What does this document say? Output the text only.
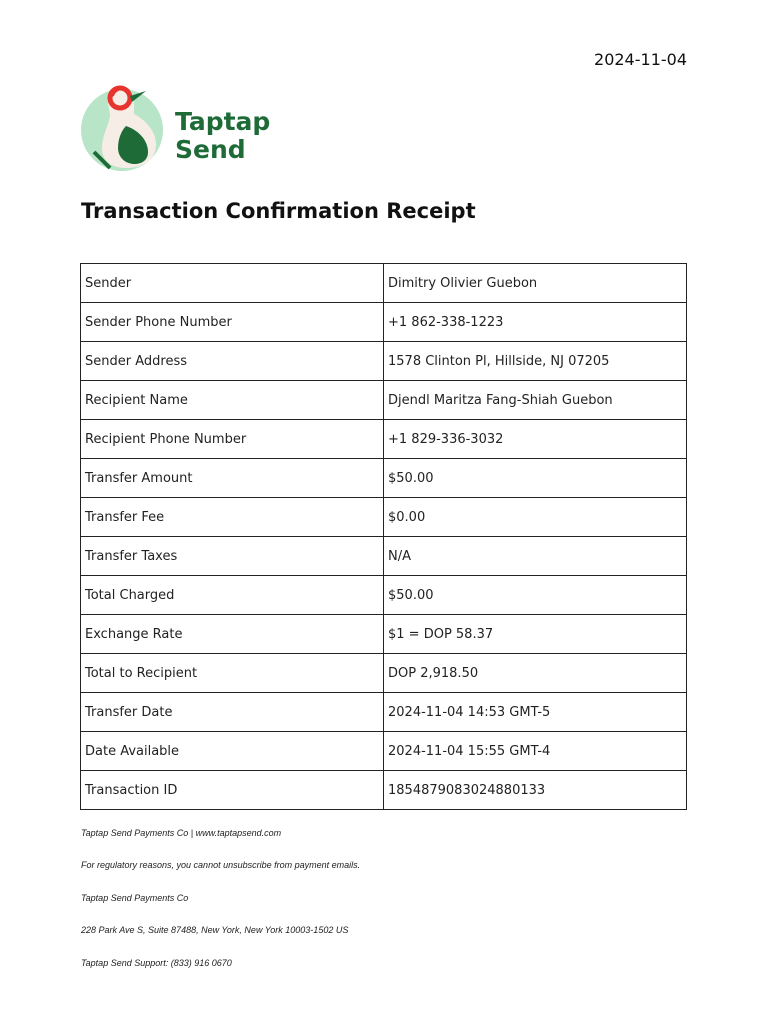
2024-11-04
Taptap
Send
Transaction Confirmation Receipt
Sender	Dimitry Olivier Guebon
Sender Phone Number	+1 862-338-1223
Sender Address	1578 Clinton Pl, Hillside, NJ 07205
Recipient Name	Djendl Maritza Fang-Shiah Guebon
Recipient Phone Number	+1 829-336-3032
Transfer Amount	$50.00
Transfer Fee	$0.00
Transfer Taxes	N/A
Total Charged	$50.00
Exchange Rate	$1 = DOP 58.37
Total to Recipient	DOP 2,918.50
Transfer Date	2024-11-04 14:53 GMT-5
Date Available	2024-11-04 15:55 GMT-4
Transaction ID	1854879083024880133
Taptap Send Payments Co | www.taptapsend.com
For regulatory reasons, you cannot unsubscribe from payment emails.
Taptap Send Payments Co
228 Park Ave S, Suite 87488, New York, New York 10003-1502 US
Taptap Send Support: (833) 916 0670
